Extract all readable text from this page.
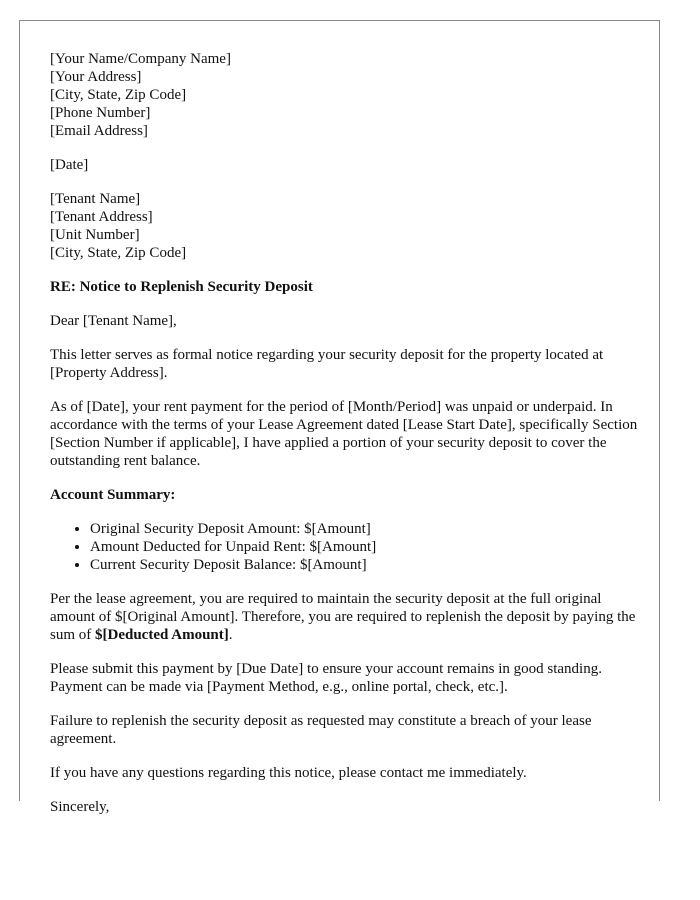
[Your Name/Company Name]
[Your Address]
[City, State, Zip Code]
[Phone Number]
[Email Address]

[Date]

[Tenant Name]
[Tenant Address]
[Unit Number]
[City, State, Zip Code]

RE: Notice to Replenish Security Deposit

Dear [Tenant Name],

This letter serves as formal notice regarding your security deposit for the property located at [Property Address].

As of [Date], your rent payment for the period of [Month/Period] was unpaid or underpaid. In accordance with the terms of your Lease Agreement dated [Lease Start Date], specifically Section [Section Number if applicable], I have applied a portion of your security deposit to cover the outstanding rent balance.

Account Summary:

• Original Security Deposit Amount: $[Amount]
• Amount Deducted for Unpaid Rent: $[Amount]
• Current Security Deposit Balance: $[Amount]

Per the lease agreement, you are required to maintain the security deposit at the full original amount of $[Original Amount]. Therefore, you are required to replenish the deposit by paying the sum of $[Deducted Amount].

Please submit this payment by [Due Date] to ensure your account remains in good standing. Payment can be made via [Payment Method, e.g., online portal, check, etc.].

Failure to replenish the security deposit as requested may constitute a breach of your lease agreement.

If you have any questions regarding this notice, please contact me immediately.

Sincerely,
